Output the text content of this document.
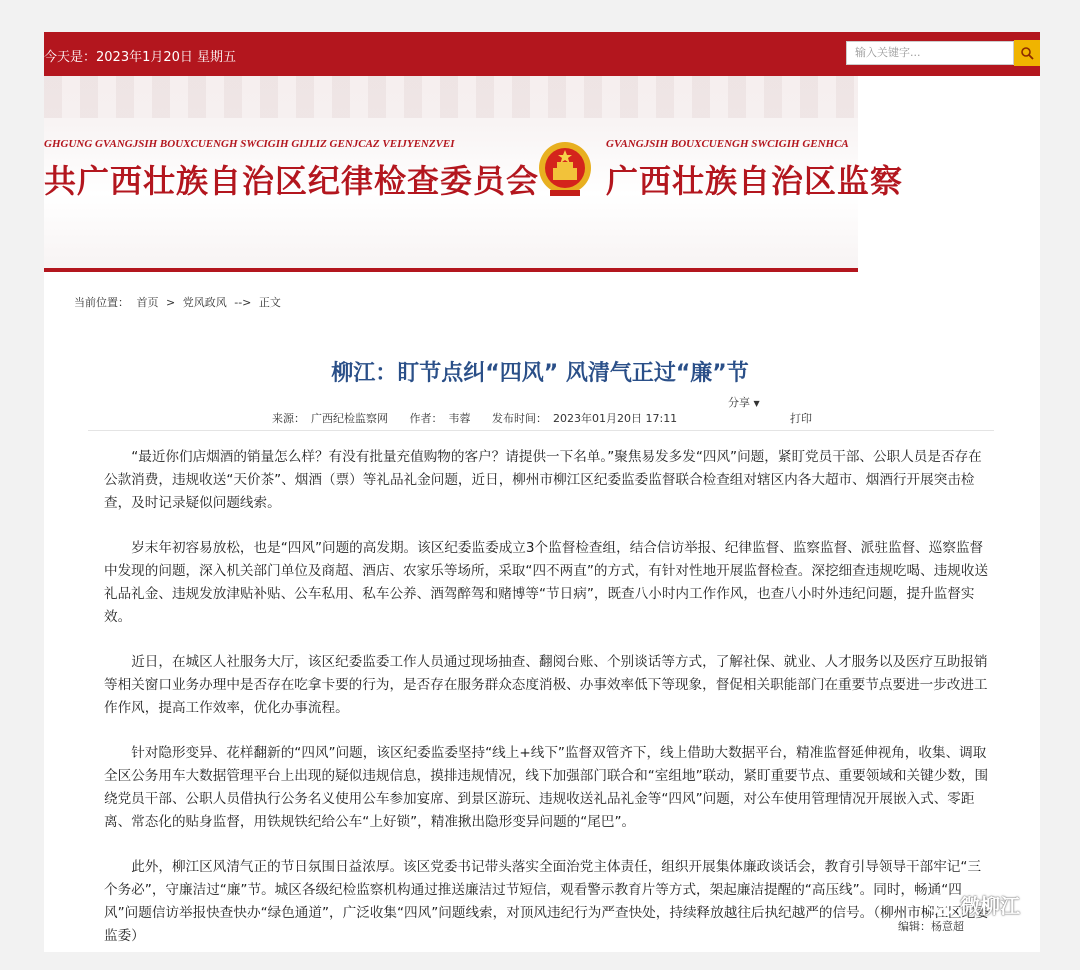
今天是：2023年1月20日 星期五	输入关键字...
GHGUNG GVANGJSIH BOUXCUENGH SWCIGIH GIJLIZ GENJCAZ VEIJYENZVEI
共广西壮族自治区纪律检查委员会
GVANGJSIH BOUXCUENGH SWCIGIH GENHCA
广西壮族自治区监察
当前位置： 首页 > 党风政风 --> 正文
柳江：盯节点纠“四风” 风清气正过“廉”节
分享 ▼
来源： 广西纪检监察网 作者： 韦蓉 发布时间： 2023年01月20日 17:11	打印

“最近你们店烟酒的销量怎么样？有没有批量充值购物的客户？请提供一下名单。”聚焦易发多发“四风”问题，紧盯党员干部、公职人员是否存在公款消费，违规收送“天价茶”、烟酒（票）等礼品礼金问题，近日，柳州市柳江区纪委监委监督联合检查组对辖区内各大超市、烟酒行开展突击检查，及时记录疑似问题线索。

岁末年初容易放松，也是“四风”问题的高发期。该区纪委监委成立3个监督检查组，结合信访举报、纪律监督、监察监督、派驻监督、巡察监督中发现的问题，深入机关部门单位及商超、酒店、农家乐等场所，采取“四不两直”的方式，有针对性地开展监督检查。深挖细查违规吃喝、违规收送礼品礼金、违规发放津贴补贴、公车私用、私车公养、酒驾醉驾和赌博等“节日病”，既查八小时内工作作风，也查八小时外违纪问题，提升监督实效。

近日，在城区人社服务大厅，该区纪委监委工作人员通过现场抽查、翻阅台账、个别谈话等方式，了解社保、就业、人才服务以及医疗互助报销等相关窗口业务办理中是否存在吃拿卡要的行为，是否存在服务群众态度消极、办事效率低下等现象，督促相关职能部门在重要节点要进一步改进工作作风，提高工作效率，优化办事流程。

针对隐形变异、花样翻新的“四风”问题，该区纪委监委坚持“线上+线下”监督双管齐下，线上借助大数据平台，精准监督延伸视角，收集、调取全区公务用车大数据管理平台上出现的疑似违规信息，摸排违规情况，线下加强部门联合和“室组地”联动，紧盯重要节点、重要领域和关键少数，围绕党员干部、公职人员借执行公务名义使用公车参加宴席、到景区游玩、违规收送礼品礼金等“四风”问题，对公车使用管理情况开展嵌入式、零距离、常态化的贴身监督，用铁规铁纪给公车“上好锁”，精准揪出隐形变异问题的“尾巴”。

此外，柳江区风清气正的节日氛围日益浓厚。该区党委书记带头落实全面治党主体责任，组织开展集体廉政谈话会，教育引导领导干部牢记“三个务必”，守廉洁过“廉”节。城区各级纪检监察机构通过推送廉洁过节短信，观看警示教育片等方式，架起廉洁提醒的“高压线”。同时，畅通“四风”问题信访举报快查快办“绿色通道”，广泛收集“四风”问题线索，对顶风违纪行为严查快处，持续释放越往后执纪越严的信号。（柳州市柳江区纪委监委）

编辑：杨意超
微柳江
